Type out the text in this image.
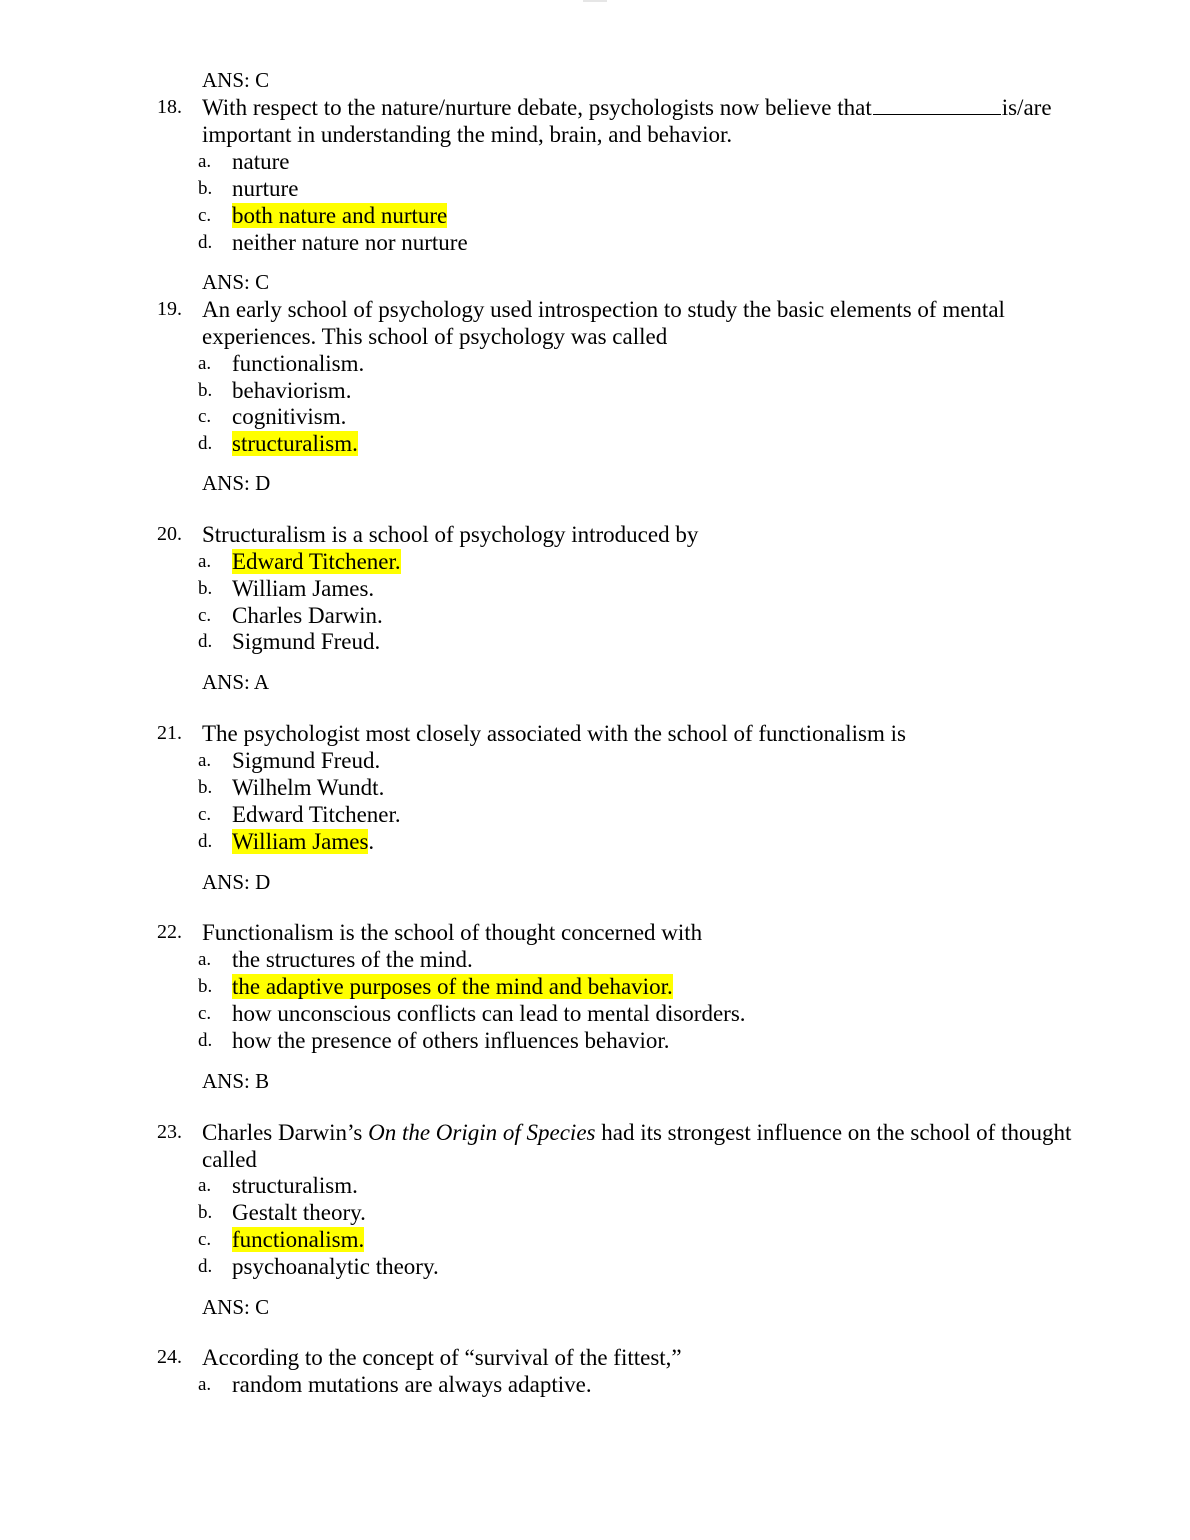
ANS: C
18. With respect to the nature/nurture debate, psychologists now believe that	is/are
important in understanding the mind, brain, and behavior.
a. nature
b. nurture
c. both nature and nurture
d. neither nature nor nurture
ANS: C
19. An early school of psychology used introspection to study the basic elements of mental
experiences. This school of psychology was called
a. functionalism.
b. behaviorism.
c. cognitivism.
d. structuralism.
ANS: D
20. Structuralism is a school of psychology introduced by
a. Edward Titchener.
b. William James.
c. Charles Darwin.
d. Sigmund Freud.
ANS: A
21. The psychologist most closely associated with the school of functionalism is
a. Sigmund Freud.
b. Wilhelm Wundt.
c. Edward Titchener.
d. William James.
ANS: D
22. Functionalism is the school of thought concerned with
a. the structures of the mind.
b. the adaptive purposes of the mind and behavior.
c. how unconscious conflicts can lead to mental disorders.
d. how the presence of others influences behavior.
ANS: B
23. Charles Darwin’s On the Origin of Species had its strongest influence on the school of thought
called
a. structuralism.
b. Gestalt theory.
c. functionalism.
d. psychoanalytic theory.
ANS: C
24. According to the concept of “survival of the fittest,”
a. random mutations are always adaptive.
